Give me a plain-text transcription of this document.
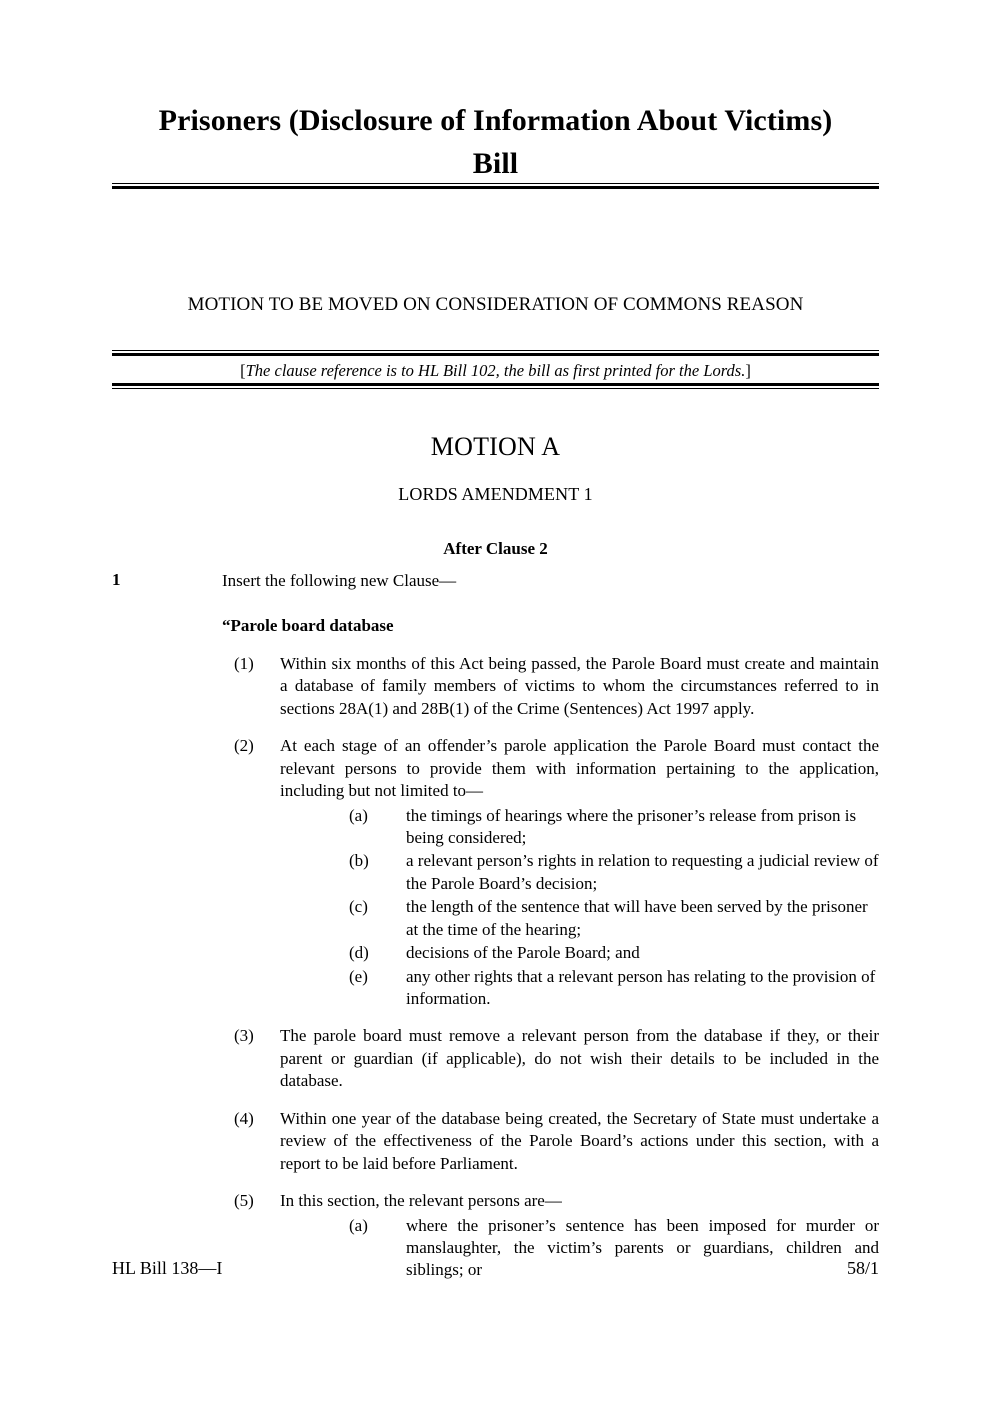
Prisoners (Disclosure of Information About Victims)
Bill
MOTION TO BE MOVED ON CONSIDERATION OF COMMONS REASON
[The clause reference is to HL Bill 102, the bill as first printed for the Lords.]
MOTION A
LORDS AMENDMENT 1
After Clause 2
1	Insert the following new Clause—
“Parole board database
(1)	Within six months of this Act being passed, the Parole Board must create and maintain a database of family members of victims to whom the circumstances referred to in sections 28A(1) and 28B(1) of the Crime (Sentences) Act 1997 apply.
(2)	At each stage of an offender’s parole application the Parole Board must contact the relevant persons to provide them with information pertaining to the application, including but not limited to—
(a)	the timings of hearings where the prisoner’s release from prison is being considered;
(b)	a relevant person’s rights in relation to requesting a judicial review of the Parole Board’s decision;
(c)	the length of the sentence that will have been served by the prisoner at the time of the hearing;
(d)	decisions of the Parole Board; and
(e)	any other rights that a relevant person has relating to the provision of information.
(3)	The parole board must remove a relevant person from the database if they, or their parent or guardian (if applicable), do not wish their details to be included in the database.
(4)	Within one year of the database being created, the Secretary of State must undertake a review of the effectiveness of the Parole Board’s actions under this section, with a report to be laid before Parliament.
(5)	In this section, the relevant persons are—
(a)	where the prisoner’s sentence has been imposed for murder or manslaughter, the victim’s parents or guardians, children and siblings; or
HL Bill 138—I	58/1
